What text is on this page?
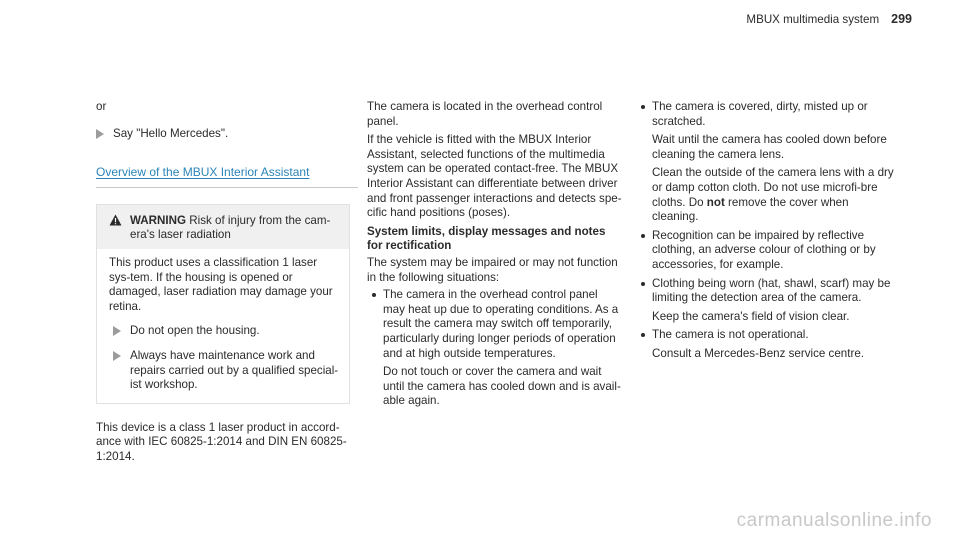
MBUX multimedia system 299

or

Say "Hello Mercedes".
Overview of the MBUX Interior Assistant
WARNING Risk of injury from the cam-era's laser radiation

This product uses a classification 1 laser sys-tem. If the housing is opened or damaged, laser radiation may damage your retina.

Do not open the housing.
Always have maintenance work and repairs carried out by a qualified special-ist workshop.

This device is a class 1 laser product in accord-ance with IEC 60825-1:2014 and DIN EN 60825-1:2014.

The camera is located in the overhead control panel.

If the vehicle is fitted with the MBUX Interior Assistant, selected functions of the multimedia system can be operated contact-free. The MBUX Interior Assistant can differentiate between driver and front passenger interactions and detects spe-cific hand positions (poses).

System limits, display messages and notes for rectification

The system may be impaired or may not function in the following situations:

The camera in the overhead control panel may heat up due to operating conditions. As a result the camera may switch off temporarily, particularly during longer periods of operation and at high outside temperatures.

Do not touch or cover the camera and wait until the camera has cooled down and is avail-able again.

The camera is covered, dirty, misted up or scratched.

Wait until the camera has cooled down before cleaning the camera lens.

Clean the outside of the camera lens with a dry or damp cotton cloth. Do not use microfi-bre cloths. Do not remove the cover when cleaning.

Recognition can be impaired by reflective clothing, an adverse colour of clothing or by accessories, for example.

Clothing being worn (hat, shawl, scarf) may be limiting the detection area of the camera.

Keep the camera's field of vision clear.

The camera is not operational.

Consult a Mercedes-Benz service centre.

carmanualsonline.info
